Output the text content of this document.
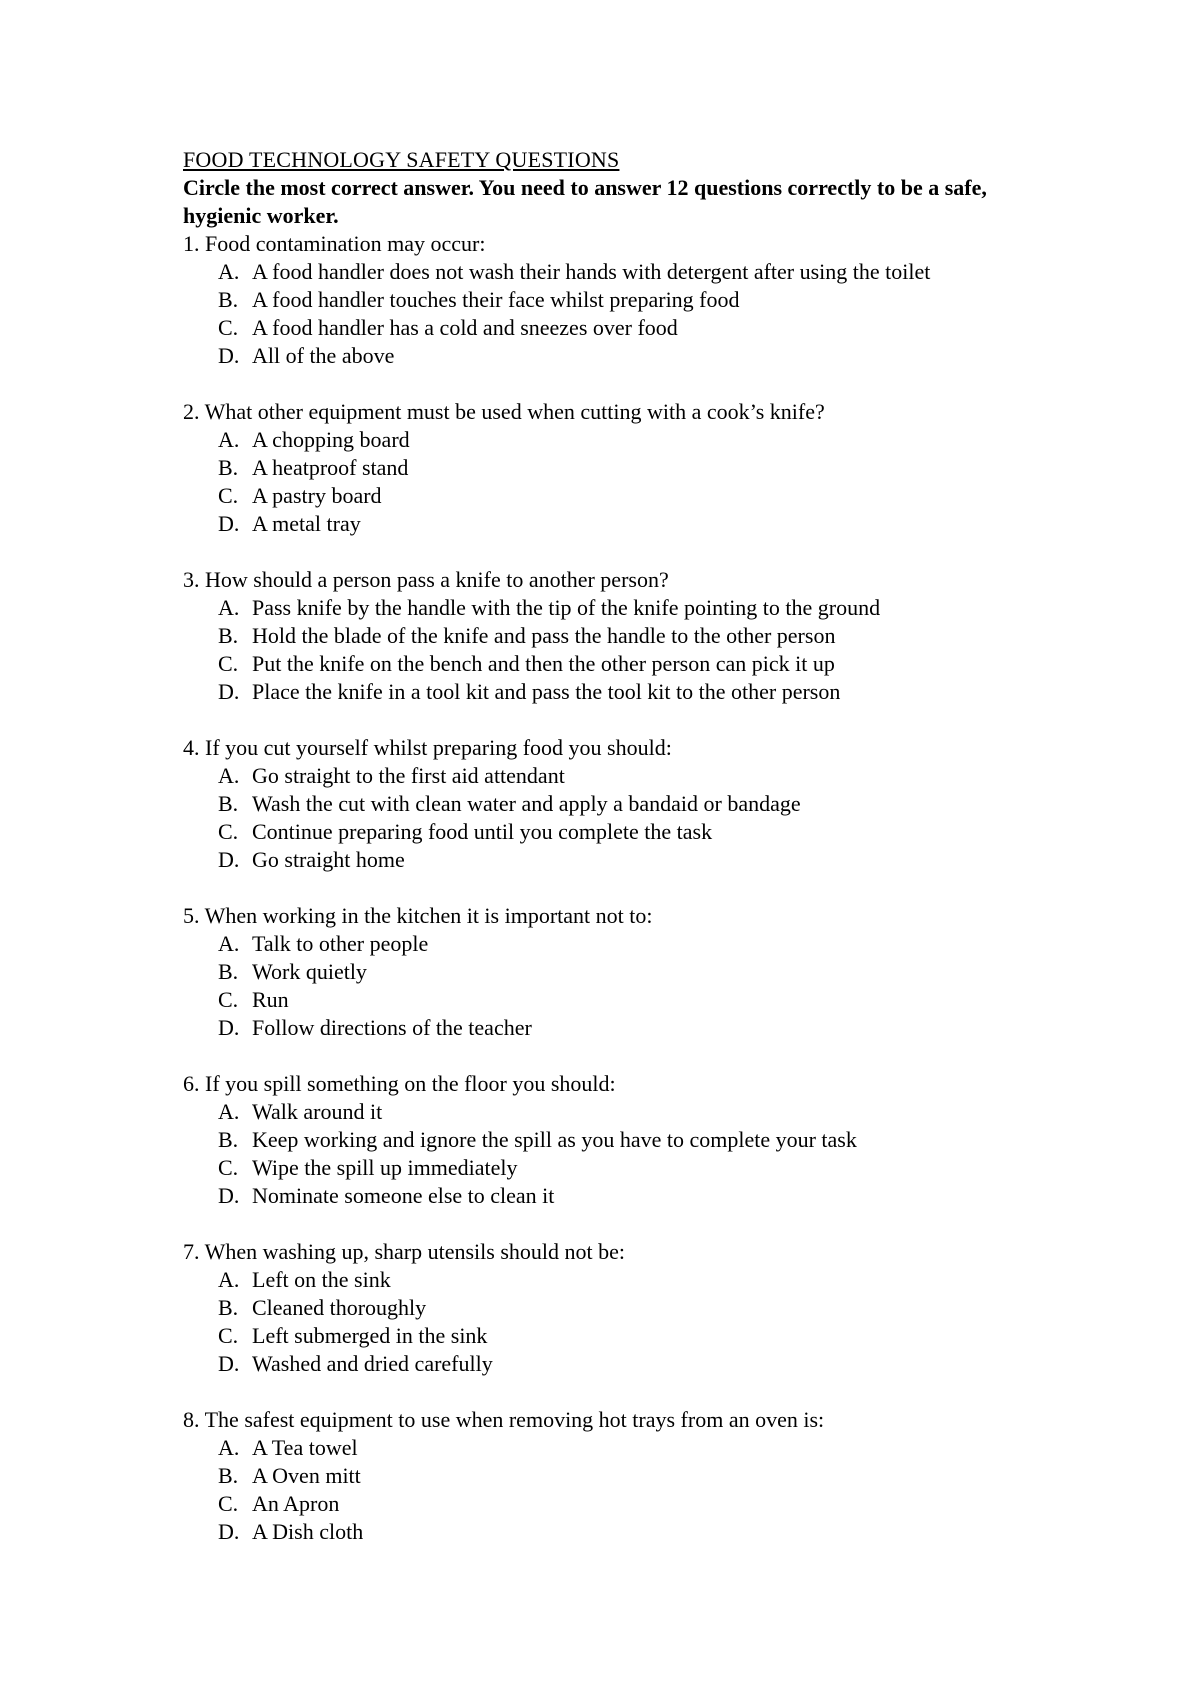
FOOD TECHNOLOGY SAFETY QUESTIONS
Circle the most correct answer. You need to answer 12 questions correctly to be a safe, hygienic worker.
1. Food contamination may occur:
A. A food handler does not wash their hands with detergent after using the toilet
B. A food handler touches their face whilst preparing food
C. A food handler has a cold and sneezes over food
D. All of the above
2. What other equipment must be used when cutting with a cook’s knife?
A. A chopping board
B. A heatproof stand
C. A pastry board
D. A metal tray
3. How should a person pass a knife to another person?
A. Pass knife by the handle with the tip of the knife pointing to the ground
B. Hold the blade of the knife and pass the handle to the other person
C. Put the knife on the bench and then the other person can pick it up
D. Place the knife in a tool kit and pass the tool kit to the other person
4. If you cut yourself whilst preparing food you should:
A. Go straight to the first aid attendant
B. Wash the cut with clean water and apply a bandaid or bandage
C. Continue preparing food until you complete the task
D. Go straight home
5. When working in the kitchen it is important not to:
A. Talk to other people
B. Work quietly
C. Run
D. Follow directions of the teacher
6. If you spill something on the floor you should:
A. Walk around it
B. Keep working and ignore the spill as you have to complete your task
C. Wipe the spill up immediately
D. Nominate someone else to clean it
7. When washing up, sharp utensils should not be:
A. Left on the sink
B. Cleaned thoroughly
C. Left submerged in the sink
D. Washed and dried carefully
8. The safest equipment to use when removing hot trays from an oven is:
A. A Tea towel
B. A Oven mitt
C. An Apron
D. A Dish cloth
